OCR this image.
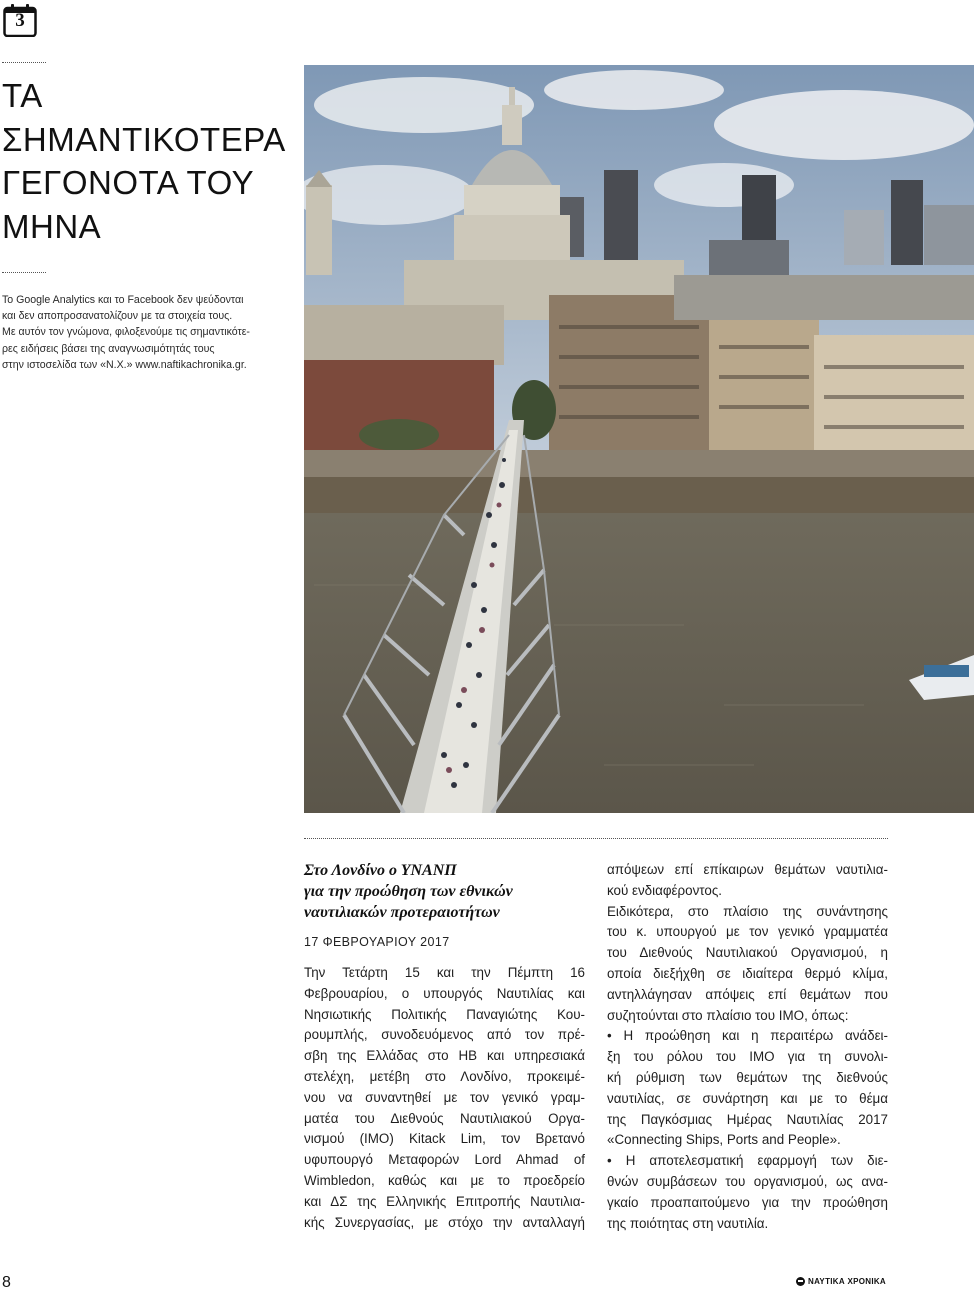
3
ΤΑ
ΣΗΜΑΝΤΙΚΟΤΕΡΑ
ΓΕΓΟΝΟΤΑ ΤΟΥ
ΜΗΝΑ
Το Google Analytics και το Facebook δεν ψεύδονται
και δεν αποπροσανατολίζουν με τα στοιχεία τους.
Με αυτόν τον γνώμονα, φιλοξενούμε τις σημαντικότε-
ρες ειδήσεις βάσει της αναγνωσιμότητάς τους
στην ιστοσελίδα των «Ν.Χ.» www.naftikachronika.gr.
Στο Λονδίνο ο ΥΝΑΝΠ
για την προώθηση των εθνικών
ναυτιλιακών προτεραιοτήτων
17 ΦΕΒΡΟΥΑΡΙΟΥ 2017
Την Τετάρτη 15 και την Πέμπτη 16
Φεβρουαρίου, ο υπουργός Ναυτιλίας και
Νησιωτικής Πολιτικής Παναγιώτης Κου-
ρουμπλής, συνοδευόμενος από τον πρέ-
σβη της Ελλάδας στο ΗΒ και υπηρεσιακά
στελέχη, μετέβη στο Λονδίνο, προκειμέ-
νου να συναντηθεί με τον γενικό γραμ-
ματέα του Διεθνούς Ναυτιλιακού Οργα-
νισμού (ΙΜΟ) Kitack Lim, τον Βρετανό
υφυπουργό Μεταφορών Lord Ahmad of
Wimbledon, καθώς και με το προεδρείο
και ΔΣ της Ελληνικής Επιτροπής Ναυτιλια-
κής Συνεργασίας, με στόχο την ανταλλαγή
απόψεων επί επίκαιρων θεμάτων ναυτιλια-
κού ενδιαφέροντος.
Ειδικότερα, στο πλαίσιο της συνάντησης
του κ. υπουργού με τον γενικό γραμματέα
του Διεθνούς Ναυτιλιακού Οργανισμού, η
οποία διεξήχθη σε ιδιαίτερα θερμό κλίμα,
αντηλλάγησαν απόψεις επί θεμάτων που
συζητούνται στο πλαίσιο του ΙΜΟ, όπως:
• Η προώθηση και η περαιτέρω ανάδει-
ξη του ρόλου του ΙΜΟ για τη συνολι-
κή ρύθμιση των θεμάτων της διεθνούς
ναυτιλίας, σε συνάρτηση και με το θέμα
της Παγκόσμιας Ημέρας Ναυτιλίας 2017
«Connecting Ships, Ports and People».
• Η αποτελεσματική εφαρμογή των διε-
θνών συμβάσεων του οργανισμού, ως ανα-
γκαίο προαπαιτούμενο για την προώθηση
της ποιότητας στη ναυτιλία.
8	ΝΑΥΤΙΚΑ ΧΡΟΝΙΚΑ
